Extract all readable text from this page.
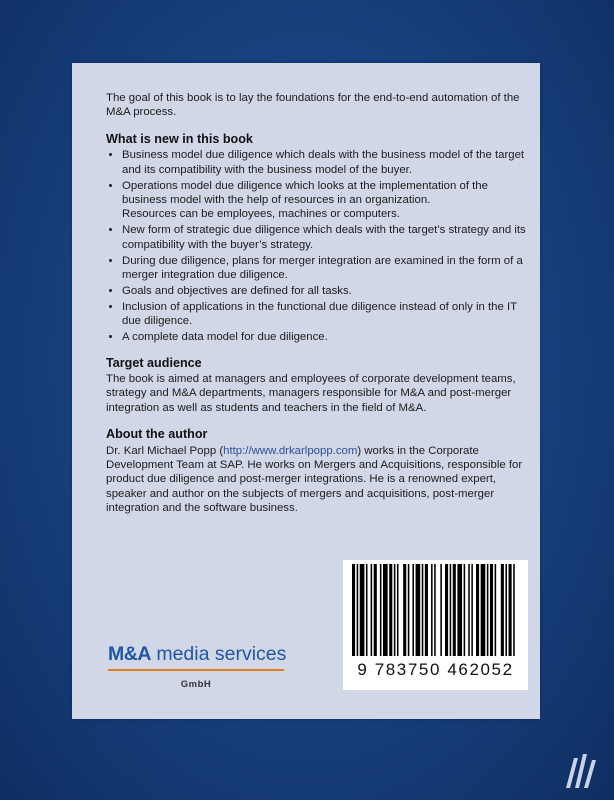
The goal of this book is to lay the foundations for the end-to-end automation of the M&A process.

What is new in this book
• Business model due diligence which deals with the business model of the target and its compatibility with the business model of the buyer.
• Operations model due diligence which looks at the implementation of the business model with the help of resources in an organization.
Resources can be employees, machines or computers.
• New form of strategic due diligence which deals with the target’s strategy and its compatibility with the buyer’s strategy.
• During due diligence, plans for merger integration are examined in the form of a merger integration due diligence.
• Goals and objectives are defined for all tasks.
• Inclusion of applications in the functional due diligence instead of only in the IT due diligence.
• A complete data model for due diligence.
Target audience

The book is aimed at managers and employees of corporate development teams, strategy and M&A departments, managers responsible for M&A and post-merger integration as well as students and teachers in the field of M&A.

About the author

Dr. Karl Michael Popp (http://www.drkarlpopp.com) works in the Corporate Development Team at SAP. He works on Mergers and Acquisitions, responsible for product due diligence and post-merger integrations. He is a renowned expert, speaker and author on the subjects of mergers and acquisitions, post-merger integration and the software business.

M&A media services
GmbH
9 783750 462052
